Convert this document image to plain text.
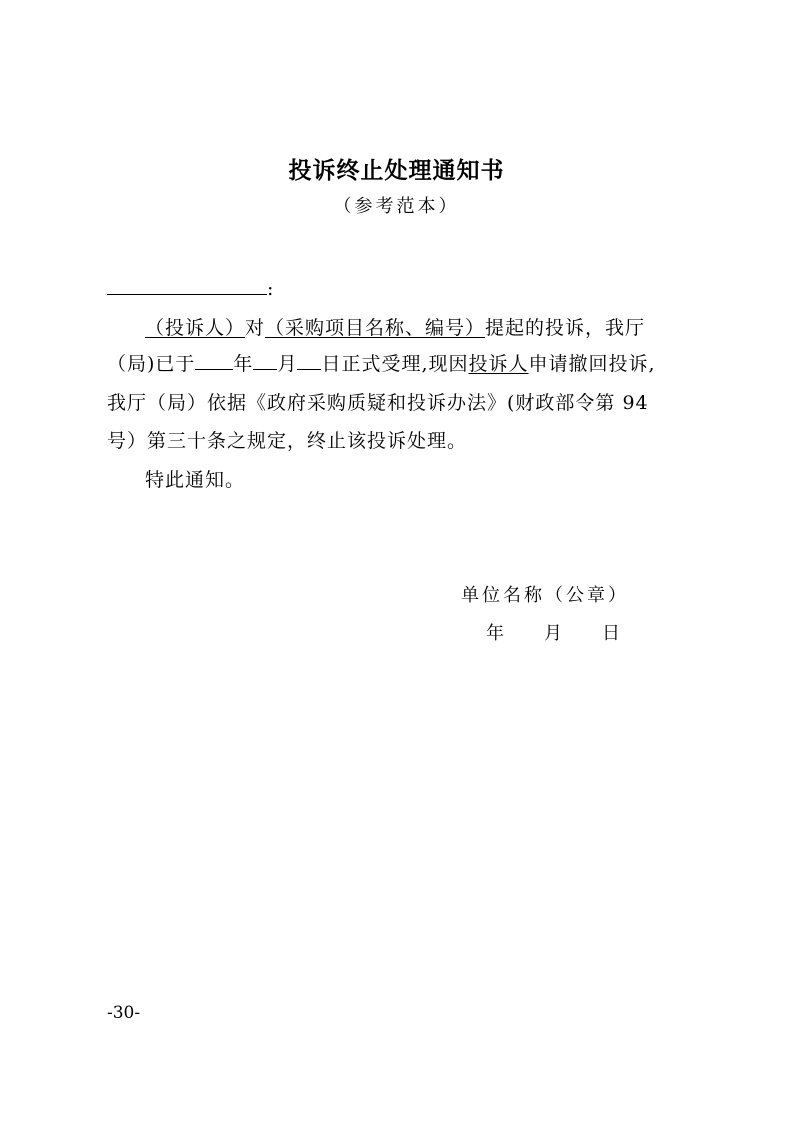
投诉终止处理通知书
（参考范本）
:
（投诉人）对（采购项目名称、编号）提起的投诉，我厅
（局)已于 年 月 日正式受理,现因投诉人申请撤回投诉,
我厅（局）依据《政府采购质疑和投诉办法》(财政部令第 94
号）第三十条之规定，终止该投诉处理。
特此通知。
单位名称（公章）
年 月 日
-30-
